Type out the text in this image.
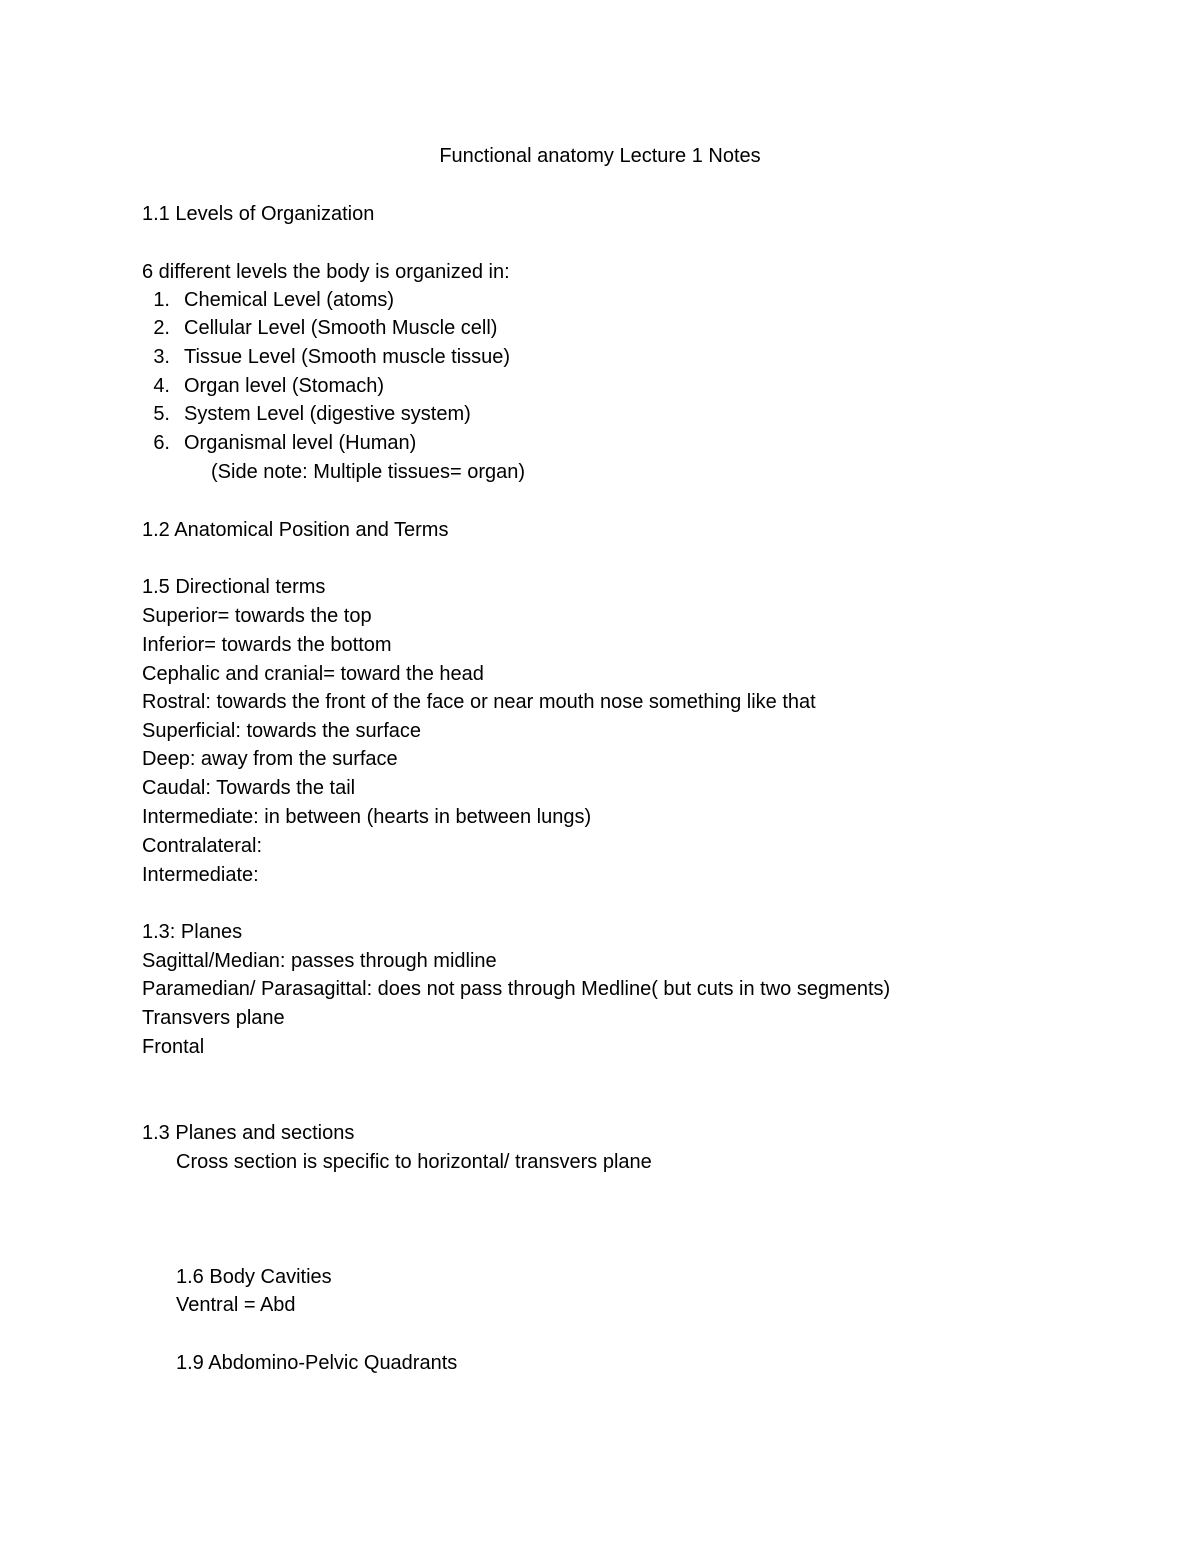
Functional anatomy Lecture 1 Notes
1.1 Levels of Organization
6 different levels the body is organized in:
1. Chemical Level (atoms)
2. Cellular Level (Smooth Muscle cell)
3. Tissue Level (Smooth muscle tissue)
4. Organ level (Stomach)
5. System Level (digestive system)
6. Organismal level (Human)
(Side note: Multiple tissues= organ)
1.2 Anatomical Position and Terms
1.5 Directional terms
Superior= towards the top
Inferior= towards the bottom
Cephalic and cranial= toward the head
Rostral: towards the front of the face or near mouth nose something like that
Superficial: towards the surface
Deep: away from the surface
Caudal: Towards the tail
Intermediate: in between (hearts in between lungs)
Contralateral:
Intermediate:
1.3: Planes
Sagittal/Median: passes through midline
Paramedian/ Parasagittal: does not pass through Medline( but cuts in two segments)
Transvers plane
Frontal
1.3 Planes and sections
Cross section is specific to horizontal/ transvers plane
1.6 Body Cavities
Ventral = Abd
1.9 Abdomino-Pelvic Quadrants
